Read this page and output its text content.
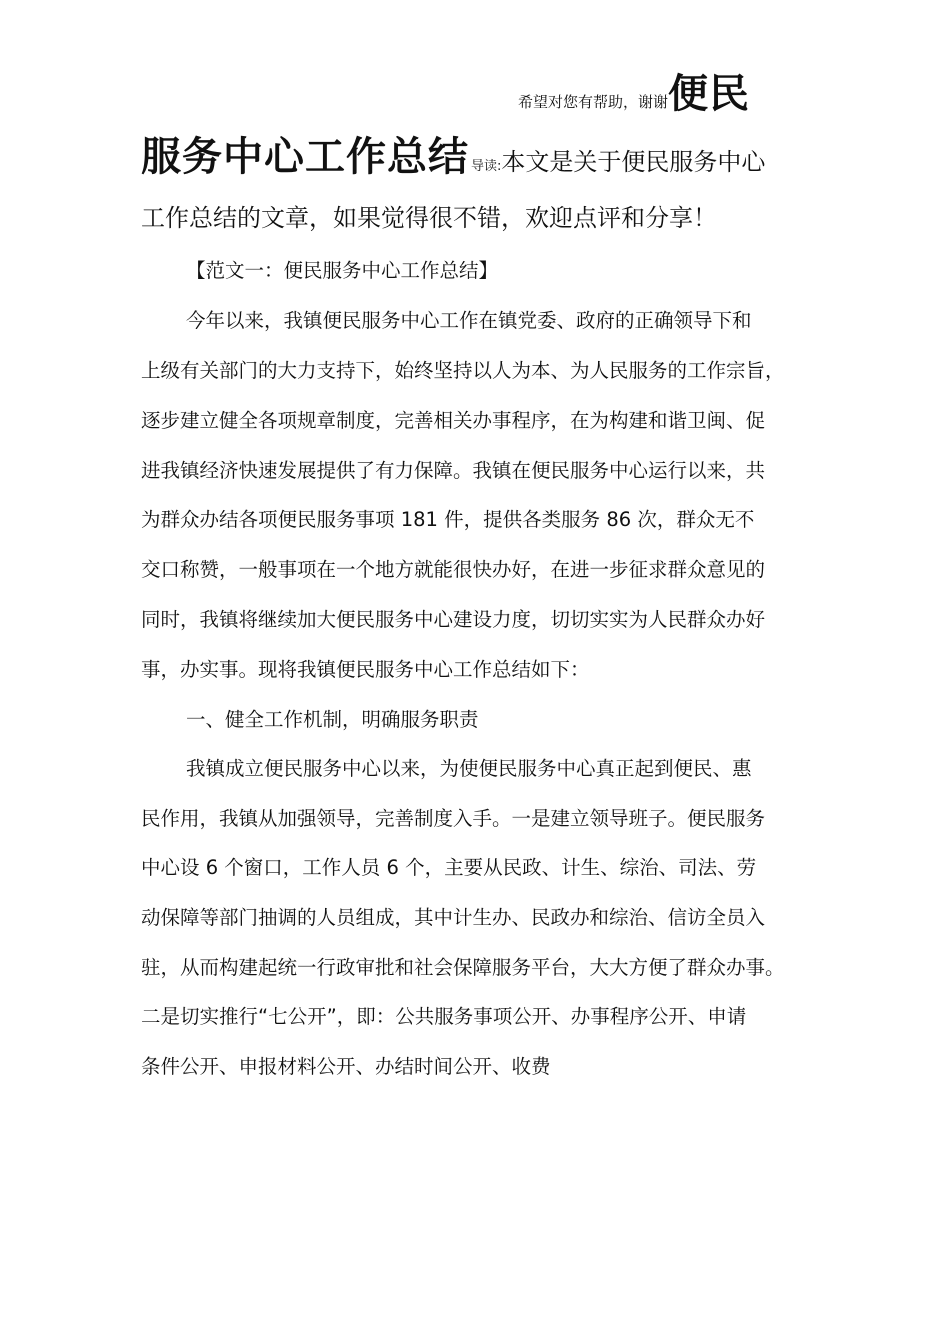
希望对您有帮助，谢谢 便民
服务中心工作总结 导读: 本文是关于便民服务中心
工作总结的文章，如果觉得很不错，欢迎点评和分享！
【范文一：便民服务中心工作总结】
今年以来，我镇便民服务中心工作在镇党委、政府的正确领导下和
上级有关部门的大力支持下，始终坚持以人为本、为人民服务的工作宗旨，
逐步建立健全各项规章制度，完善相关办事程序，在为构建和谐卫闽、促
进我镇经济快速发展提供了有力保障。我镇在便民服务中心运行以来，共
为群众办结各项便民服务事项 181 件，提供各类服务 86 次，群众无不
交口称赞，一般事项在一个地方就能很快办好，在进一步征求群众意见的
同时，我镇将继续加大便民服务中心建设力度，切切实实为人民群众办好
事，办实事。现将我镇便民服务中心工作总结如下：
一、健全工作机制，明确服务职责
我镇成立便民服务中心以来，为使便民服务中心真正起到便民、惠
民作用，我镇从加强领导，完善制度入手。一是建立领导班子。便民服务
中心设 6 个窗口，工作人员 6 个，主要从民政、计生、综治、司法、劳
动保障等部门抽调的人员组成，其中计生办、民政办和综治、信访全员入
驻，从而构建起统一行政审批和社会保障服务平台，大大方便了群众办事。
二是切实推行“七公开”，即：公共服务事项公开、办事程序公开、申请
条件公开、申报材料公开、办结时间公开、收费
